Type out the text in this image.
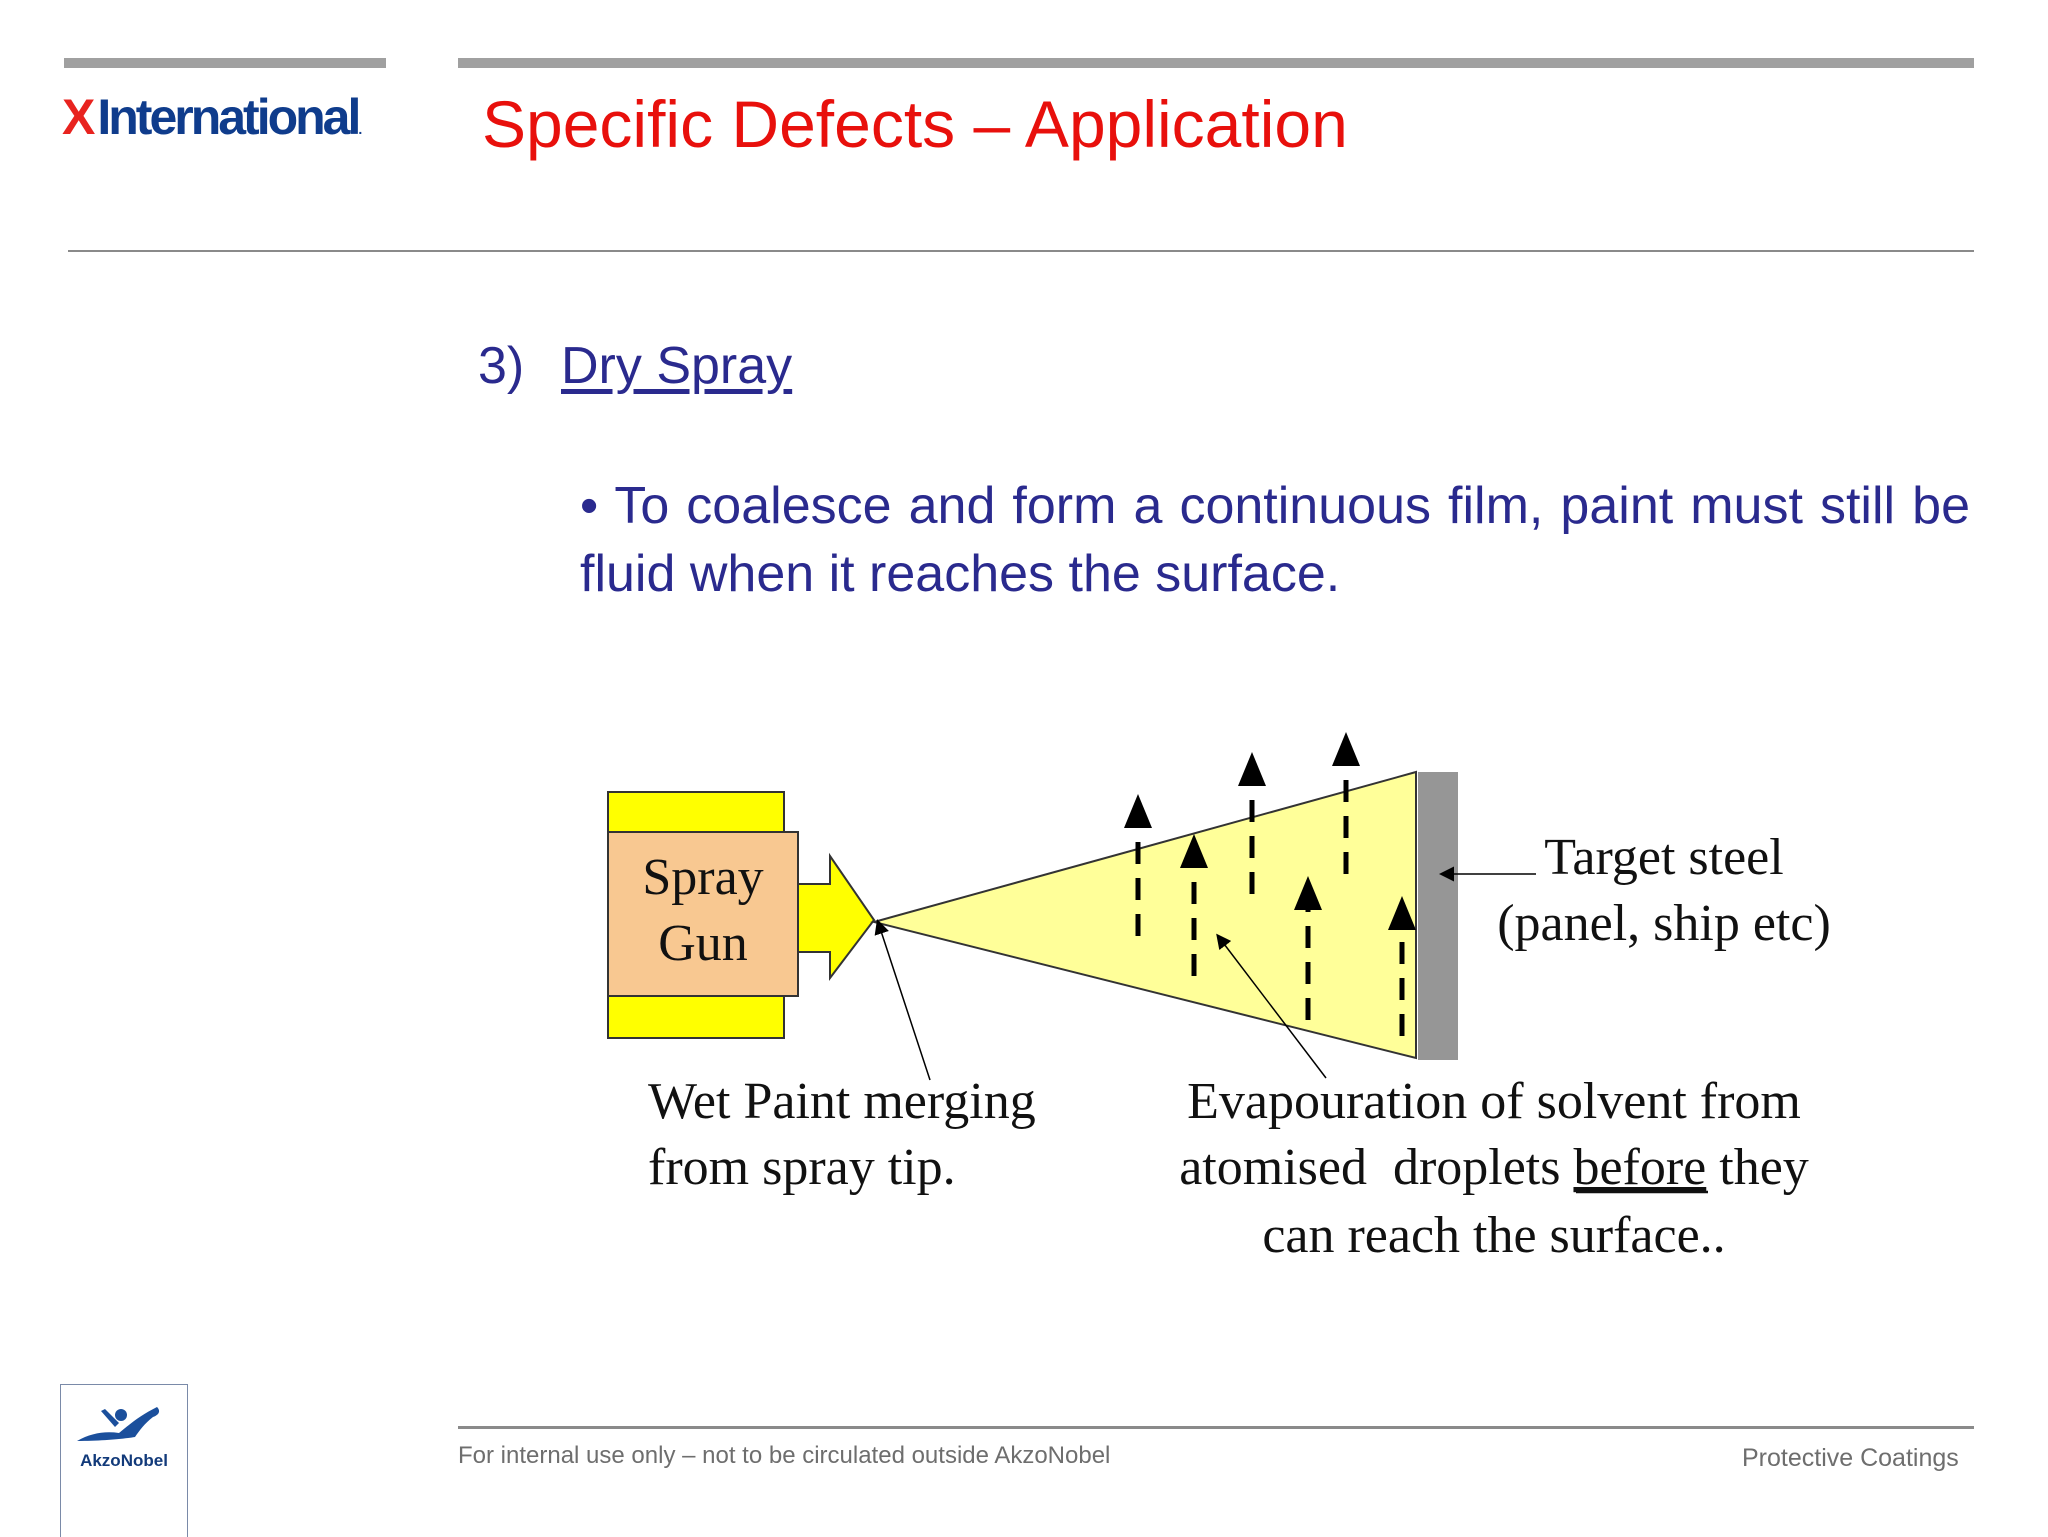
XInternational. Specific Defects – Application
3) Dry Spray
• To coalesce and form a continuous film, paint must still be fluid when it reaches the surface.
Spray
Gun
Target steel
(panel, ship etc)
Wet Paint merging
from spray tip.
Evapouration of solvent from
atomised  droplets before they
can reach the surface..
For internal use only – not to be circulated outside AkzoNobel	Protective Coatings
AkzoNobel
